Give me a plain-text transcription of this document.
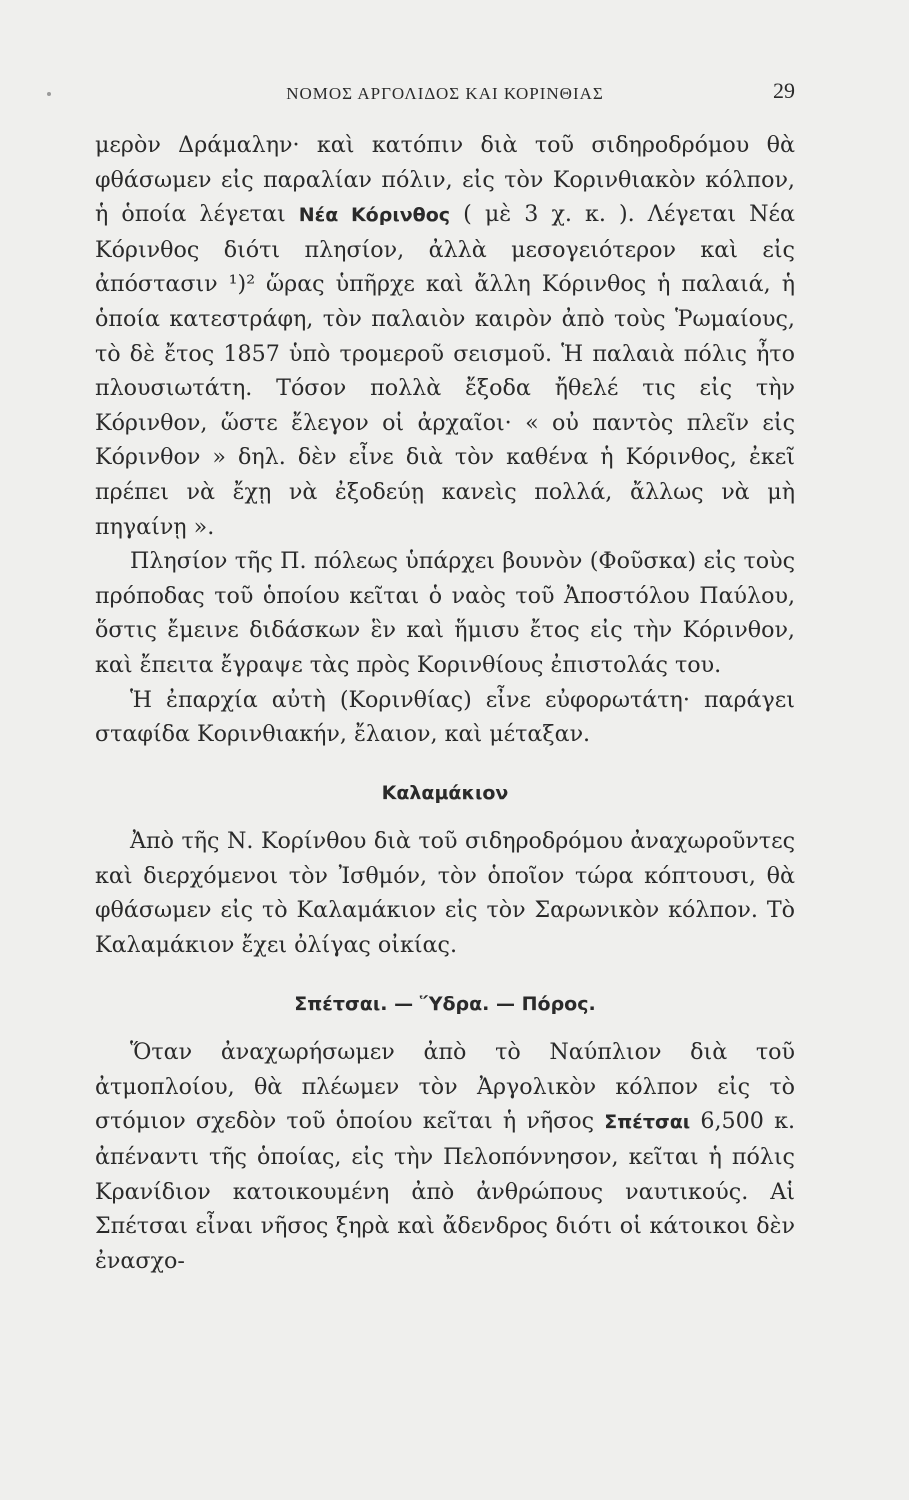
ΝΟΜΟΣ ΑΡΓΟΛΙΔΟΣ ΚΑΙ ΚΟΡΙΝΘΙΑΣ	29

μερὸν Δράμαλην· καὶ κατόπιν διὰ τοῦ σιδηροδρόμου θὰ φθάσωμεν εἰς παραλίαν πόλιν, εἰς τὸν Κορινθιακὸν κόλπον, ἡ ὁποία λέγεται Νέα Κόρινθος ( μὲ 3 χ. κ. ). Λέγεται Νέα Κόρινθος διότι πλησίον, ἀλλὰ μεσογειότερον καὶ εἰς ἀπόστασιν ¹)² ὥρας ὑπῆρχε καὶ ἄλλη Κόρινθος ἡ παλαιά, ἡ ὁποία κατεστράφη, τὸν παλαιὸν καιρὸν ἀπὸ τοὺς Ῥωμαίους, τὸ δὲ ἔτος 1857 ὑπὸ τρομεροῦ σεισμοῦ. Ἡ παλαιὰ πόλις ἦτο πλουσιωτάτη. Τόσον πολλὰ ἔξοδα ἤθελέ τις εἰς τὴν Κόρινθον, ὥστε ἔλεγον οἱ ἀρχαῖοι· « οὐ παντὸς πλεῖν εἰς Κόρινθον » δηλ. δὲν εἶνε διὰ τὸν καθένα ἡ Κόρινθος, ἐκεῖ πρέπει νὰ ἔχῃ νὰ ἐξοδεύῃ κανεὶς πολλά, ἄλλως νὰ μὴ πηγαίνῃ ».

Πλησίον τῆς Π. πόλεως ὑπάρχει βουνὸν (Φοῦσκα) εἰς τοὺς πρόποδας τοῦ ὁποίου κεῖται ὁ ναὸς τοῦ Ἀποστόλου Παύλου, ὅστις ἔμεινε διδάσκων ἓν καὶ ἥμισυ ἔτος εἰς τὴν Κόρινθον, καὶ ἔπειτα ἔγραψε τὰς πρὸς Κορινθίους ἐπιστολάς του.

Ἡ ἐπαρχία αὐτὴ (Κορινθίας) εἶνε εὐφορωτάτη· παράγει σταφίδα Κορινθιακήν, ἔλαιον, καὶ μέταξαν.

Καλαμάκιον

Ἀπὸ τῆς Ν. Κορίνθου διὰ τοῦ σιδηροδρόμου ἀναχωροῦντες καὶ διερχόμενοι τὸν Ἰσθμόν, τὸν ὁποῖον τώρα κόπτουσι, θὰ φθάσωμεν εἰς τὸ Καλαμάκιον εἰς τὸν Σαρωνικὸν κόλπον. Τὸ Καλαμάκιον ἔχει ὀλίγας οἰκίας.

Σπέτσαι. — Ὕδρα. — Πόρος.

Ὅταν ἀναχωρήσωμεν ἀπὸ τὸ Ναύπλιον διὰ τοῦ ἀτμοπλοίου, θὰ πλέωμεν τὸν Ἀργολικὸν κόλπον εἰς τὸ στόμιον σχεδὸν τοῦ ὁποίου κεῖται ἡ νῆσος Σπέτσαι 6,500 κ. ἀπέναντι τῆς ὁποίας, εἰς τὴν Πελοπόννησον, κεῖται ἡ πόλις Κρανίδιον κατοικουμένη ἀπὸ ἀνθρώπους ναυτικούς. Αἱ Σπέτσαι εἶναι νῆσος ξηρὰ καὶ ἄδενδρος διότι οἱ κάτοικοι δὲν ἐνασχο-
